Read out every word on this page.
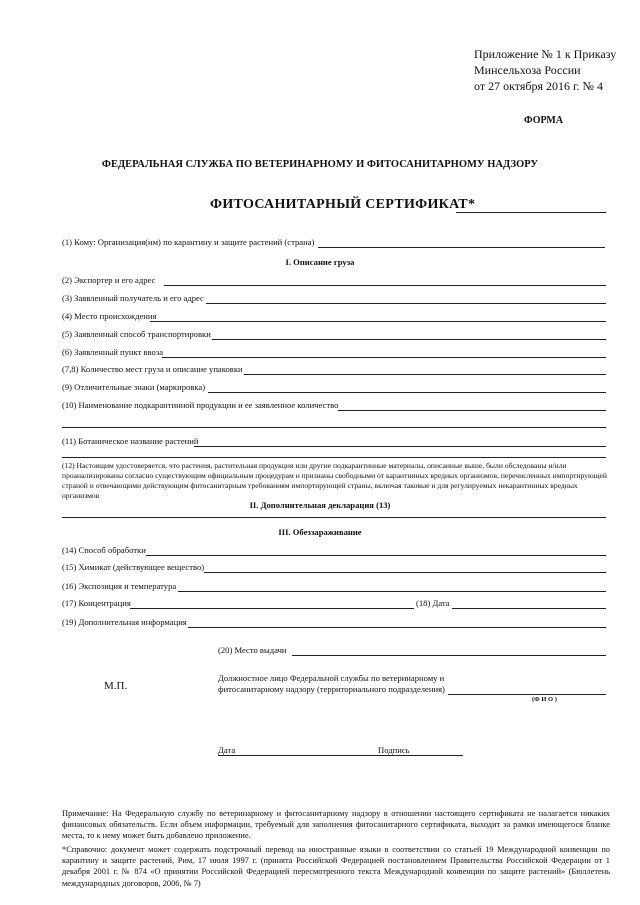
Приложение № 1 к Приказу
Минсельхоза России
от 27 октября 2016 г. № 4
ФОРМА
ФЕДЕРАЛЬНАЯ СЛУЖБА ПО ВЕТЕРИНАРНОМУ И ФИТОСАНИТАРНОМУ НАДЗОРУ
ФИТОСАНИТАРНЫЙ СЕРТИФИКАТ*
(1) Кому: Организация(им) по карантину и защите растений (страна)
I. Описание груза
(2) Экспортер и его адрес
(3) Заявленный получатель и его адрес
(4) Место происхождения
(5) Заявленный способ транспортировки
(6) Заявленный пункт ввоза
(7,8) Количество мест груза и описание упаковки
(9) Отличительные знаки (маркировка)
(10) Наименование подкарантинной продукции и ее заявленное количество
(11) Ботаническое название растений
(12) Настоящим удостоверяется, что растения, растительная продукция или другие подкарантинные материалы, описанные выше, были обследованы и/или проанализированы согласно существующим официальным процедурам и признаны свободными от карантинных вредных организмов, перечисленных импортирующей страной и отвечающими действующим фитосанитарным требованиям импортирующей страны, включая таковые и для регулируемых некарантинных вредных организмов
II. Дополнительная декларация (13)
III. Обеззараживание
(14) Способ обработки
(15) Химикат (действующее вещество)
(16) Экспозиция и температура
(17) Концентрация	(18) Дата
(19) Дополнительная информация
(20) Место выдачи
М.П.
Должностное лицо Федеральной службы по ветеринарному и
фитосанитарному надзору (территориального подразделения)
(Ф И О )
Дата	Подпись
Примечание: На Федеральную службу по ветеринарному и фитосанитарному надзору в отношении настоящего сертификата не налагается никаких финансовых обязательств. Если объем информации, требуемый для заполнения фитосанитарного сертификата, выходит за рамки имеющегося бланке места, то к нему может быть добавлено приложение.
*Справочно: документ может содержать подстрочный перевод на иностранные языки в соответствии со статьей 19 Международной конвенции по карантину и защите растений, Рим, 17 июля 1997 г. (принята Российской Федерацией постановлением Правительства Российской Федерации от 1 декабря 2001 г. № 874 «О принятии Российской Федерацией пересмотренного текста Международной конвенции по защите растений» (Бюллетень международных договоров, 2006, № 7)
